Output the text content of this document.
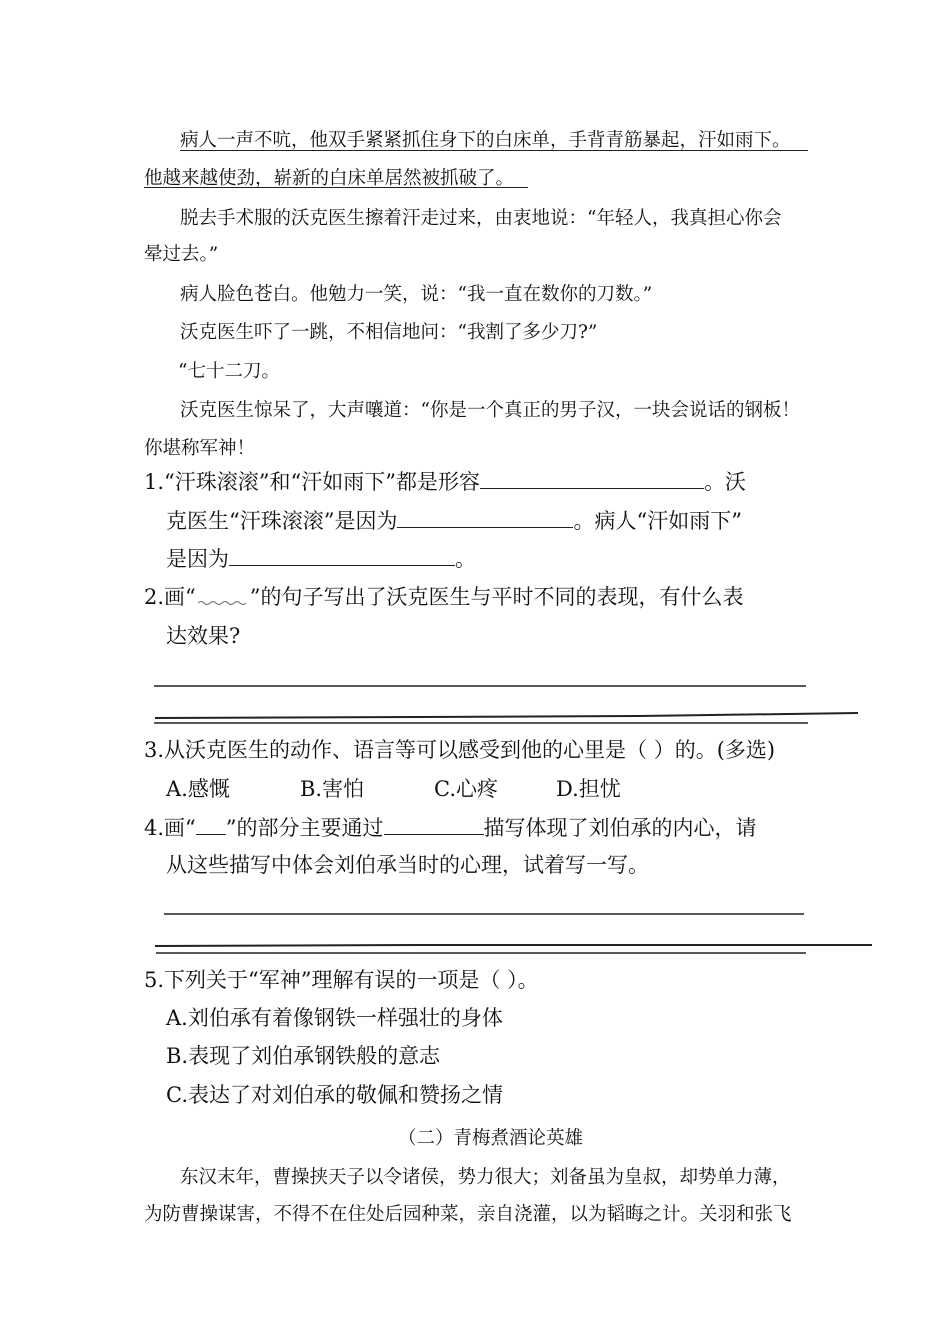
病人一声不吭，他双手紧紧抓住身下的白床单，手背青筋暴起，汗如雨下。
他越来越使劲，崭新的白床单居然被抓破了。
脱去手术服的沃克医生擦着汗走过来，由衷地说：“年轻人，我真担心你会
晕过去。”
病人脸色苍白。他勉力一笑，说：“我一直在数你的刀数。”
沃克医生吓了一跳，不相信地问：“我割了多少刀?”
“七十二刀。
沃克医生惊呆了，大声嚷道：“你是一个真正的男子汉，一块会说话的钢板！
你堪称军神！
1.“汗珠滚滚”和“汗如雨下”都是形容	。沃
克医生“汗珠滚滚”是因为	。病人“汗如雨下”
是因为	。
2.画“	”的句子写出了沃克医生与平时不同的表现，有什么表
达效果?
3.从沃克医生的动作、语言等可以感受到他的心里是（ ）的。(多选)
A.感慨	B.害怕	C.心疼	D.担忧
4.画“ ”的部分主要通过	描写体现了刘伯承的内心，请
从这些描写中体会刘伯承当时的心理，试着写一写。
5.下列关于“军神”理解有误的一项是（ ）。
A.刘伯承有着像钢铁一样强壮的身体
B.表现了刘伯承钢铁般的意志
C.表达了对刘伯承的敬佩和赞扬之情
（二）青梅煮酒论英雄
东汉末年，曹操挟天子以令诸侯，势力很大；刘备虽为皇叔，却势单力薄，
为防曹操谋害，不得不在住处后园种菜，亲自浇灌，以为韬晦之计。关羽和张飞
